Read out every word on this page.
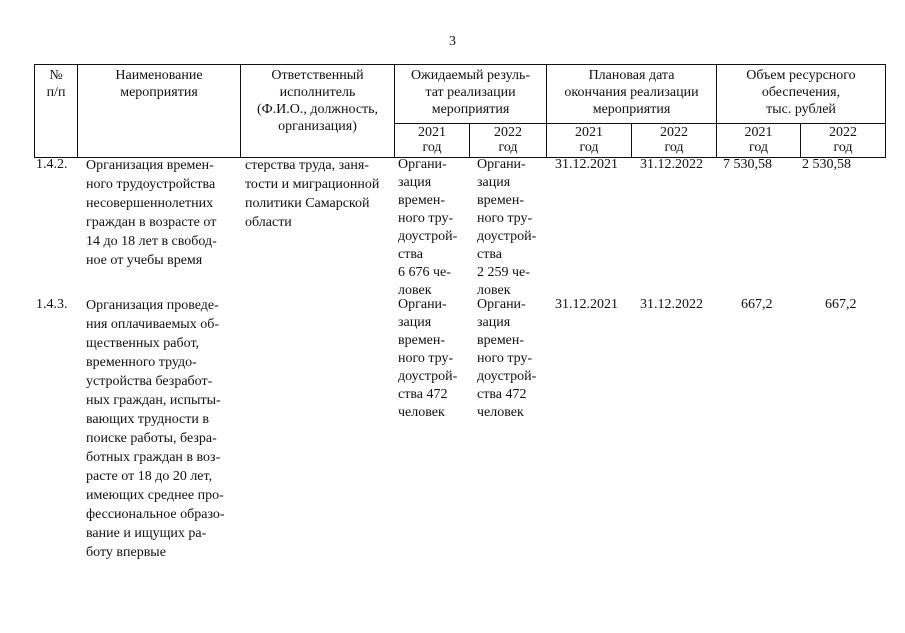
3
№
п/п
Наименование
мероприятия
Ответственный
исполнитель
(Ф.И.О., должность,
организация)
Ожидаемый резуль-
тат реализации
мероприятия
Плановая дата
окончания реализации
мероприятия
Объем ресурсного
обеспечения,
тыс. рублей
2021
год
2022
год
2021
год
2022
год
2021
год
2022
год
1.4.2. Организация времен-
ного трудоустройства
несовершеннолетних
граждан в возрасте от
14 до 18 лет в свобод-
ное от учебы время
стерства труда, заня-
тости и миграционной
политики Самарской
области
Органи-
зация
времен-
ного тру-
доустрой-
ства
6 676 че-
ловек
Органи-
зация
времен-
ного тру-
доустрой-
ства
2 259 че-
ловек
31.12.2021 31.12.2022 7 530,58 2 530,58
1.4.3. Организация проведе-
ния оплачиваемых об-
щественных работ,
временного трудо-
устройства безработ-
ных граждан, испыты-
вающих трудности в
поиске работы, безра-
ботных граждан в воз-
расте от 18 до 20 лет,
имеющих среднее про-
фессиональное образо-
вание и ищущих ра-
боту впервые
Органи-
зация
времен-
ного тру-
доустрой-
ства 472
человек
Органи-
зация
времен-
ного тру-
доустрой-
ства 472
человек
31.12.2021 31.12.2022	667,2	667,2
